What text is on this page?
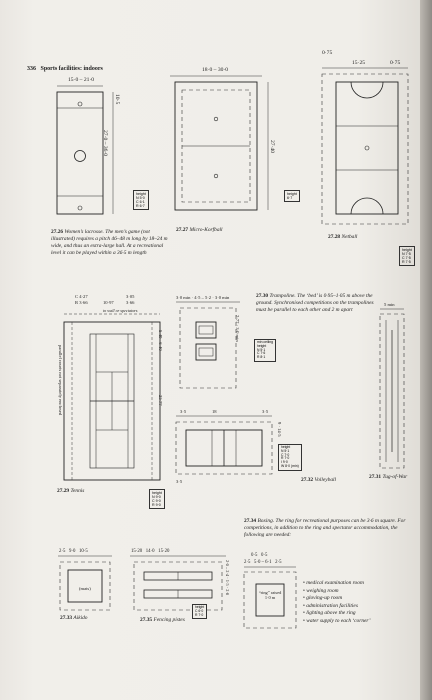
336 Sports facilities: indoors
15·0 – 21·0
27·0 – 36·0
10·5
height
N 5·0
C 6·1
R 6·7
27.26 Women’s lacrosse. The men’s game (not illustrated) requires a pitch 46–48 m long by 18–24 m wide, and thus an extra-large hall. At a recreational level it can be played within a 36·5 m length
18·0 – 30·0
27·40
height
6·7
27.27 Micro-Korfball
0·75
15·25	0·75
height
N 7·5
C 7·5
R 7·5
27.28 Netball
C 4·27
R 3·66	10·97
3·05
3·66
to wall or spectators
parallel courts not separately enclosed
5·49 · 6·40
23·77
height
N 9·0
C 9·0
R 9·0
27.29 Tennis
3·0 min · 4·5 – 5·2 · 3·0 min
2·77 · 3·0 min
min ceiling
height
N 5·1
C 7·6
R 8·1
27.30 Trampoline. The ‘bed’ is 0·95–1·05 m above the ground. Synchronised competitions on the trampolines must be parallel to each other and 2 m apart
5 min
27.31 Tug-of-War
3·5	18	3·5
3·5
9 · 14·5
height
N 5·1
C 7·0
R 7·0
I 9·0
W 8·0 (min)
27.32 Volleyball
27.34 Boxing. The ring for recreational purposes can be 3·6 m square. For competitions, in addition to the ring and spectator accommodation, the following are needed:
2·5   9·0   10·5
(mats)
27.33 Aikido
15·20   14·0   15·20
2·0 – 2·4 · 1·5 · 2·0
height
C 6·0
R 7·0
27.35 Fencing pistes
0·5   0·5
2·5   5·0 – 6·1   2·5
“ring” raised 1·0 m
• medical examination room
• weighing room
• gloving-up room
• administration facilities
• lighting above the ring
• water supply to each ‘corner’
